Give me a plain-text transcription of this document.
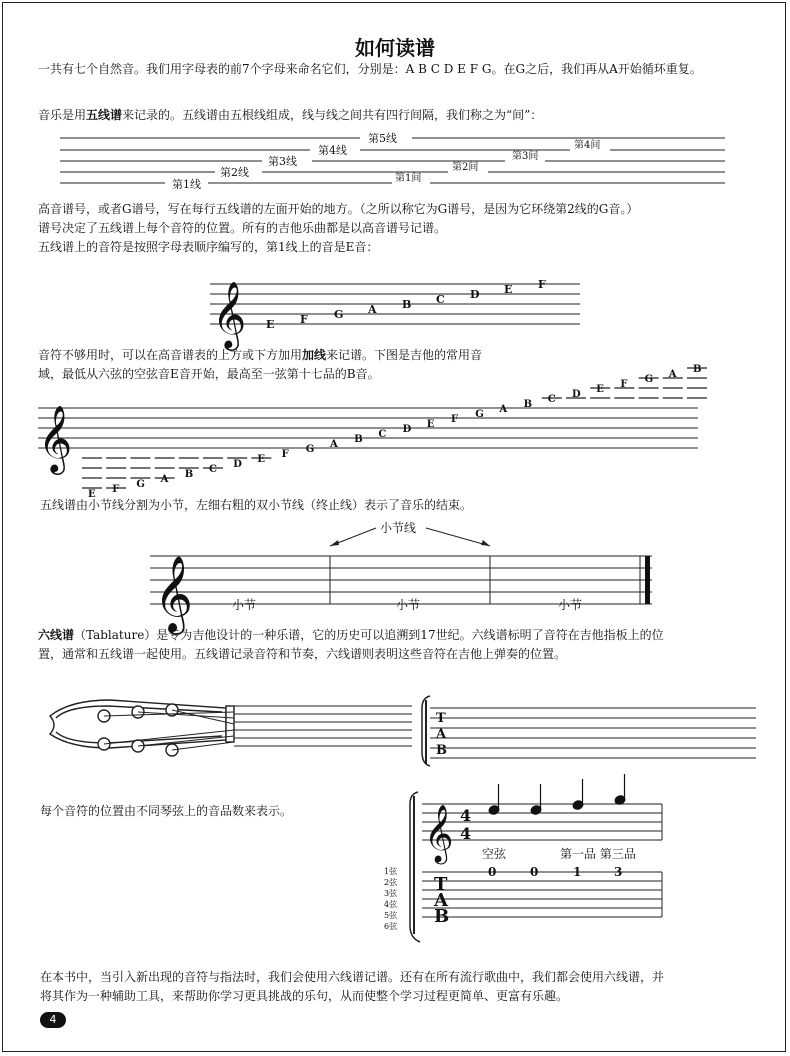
如何读谱
一共有七个自然音。我们用字母表的前7个字母来命名它们，分别是：A B C D E F G。在G之后，我们再从A开始循环重复。
音乐是用五线谱来记录的。五线谱由五根线组成，线与线之间共有四行间隔，我们称之为“间”：
第1线
第2线
第3线
第4线
第5线
第1间
第2间
第3间
第4间
高音谱号，或者G谱号，写在每行五线谱的左面开始的地方。（之所以称它为G谱号，是因为它环绕第2线的G音。）
谱号决定了五线谱上每个音符的位置。所有的吉他乐曲都是以高音谱号记谱。
五线谱上的音符是按照字母表顺序编写的，第1线上的音是E音：
𝄞 E F G A B C D E F
音符不够用时，可以在高音谱表的上方或下方加用加线来记谱。下图是吉他的常用音
域，最低从六弦的空弦音E音开始，最高至一弦第十七品的B音。
𝄞
E F G A B C D E F G A B C D E F G A B C D E F G A B
五线谱由小节线分割为小节，左细右粗的双小节线（终止线）表示了音乐的结束。
小节线
𝄞	小节	小节	小节
六线谱（Tablature）是专为吉他设计的一种乐谱，它的历史可以追溯到17世纪。六线谱标明了音符在吉他指板上的位
置，通常和五线谱一起使用。五线谱记录音符和节奏，六线谱则表明这些音符在吉他上弹奏的位置。
T
A
B
每个音符的位置由不同琴弦上的音品数来表示。	𝄞 4
4
空弦	第一品 第三品
0	0	1	3
T
A
B
1弦
2弦
3弦
4弦
5弦
6弦
在本书中，当引入新出现的音符与指法时，我们会使用六线谱记谱。还有在所有流行歌曲中，我们都会使用六线谱，并
将其作为一种辅助工具，来帮助你学习更具挑战的乐句，从而使整个学习过程更简单、更富有乐趣。
4
